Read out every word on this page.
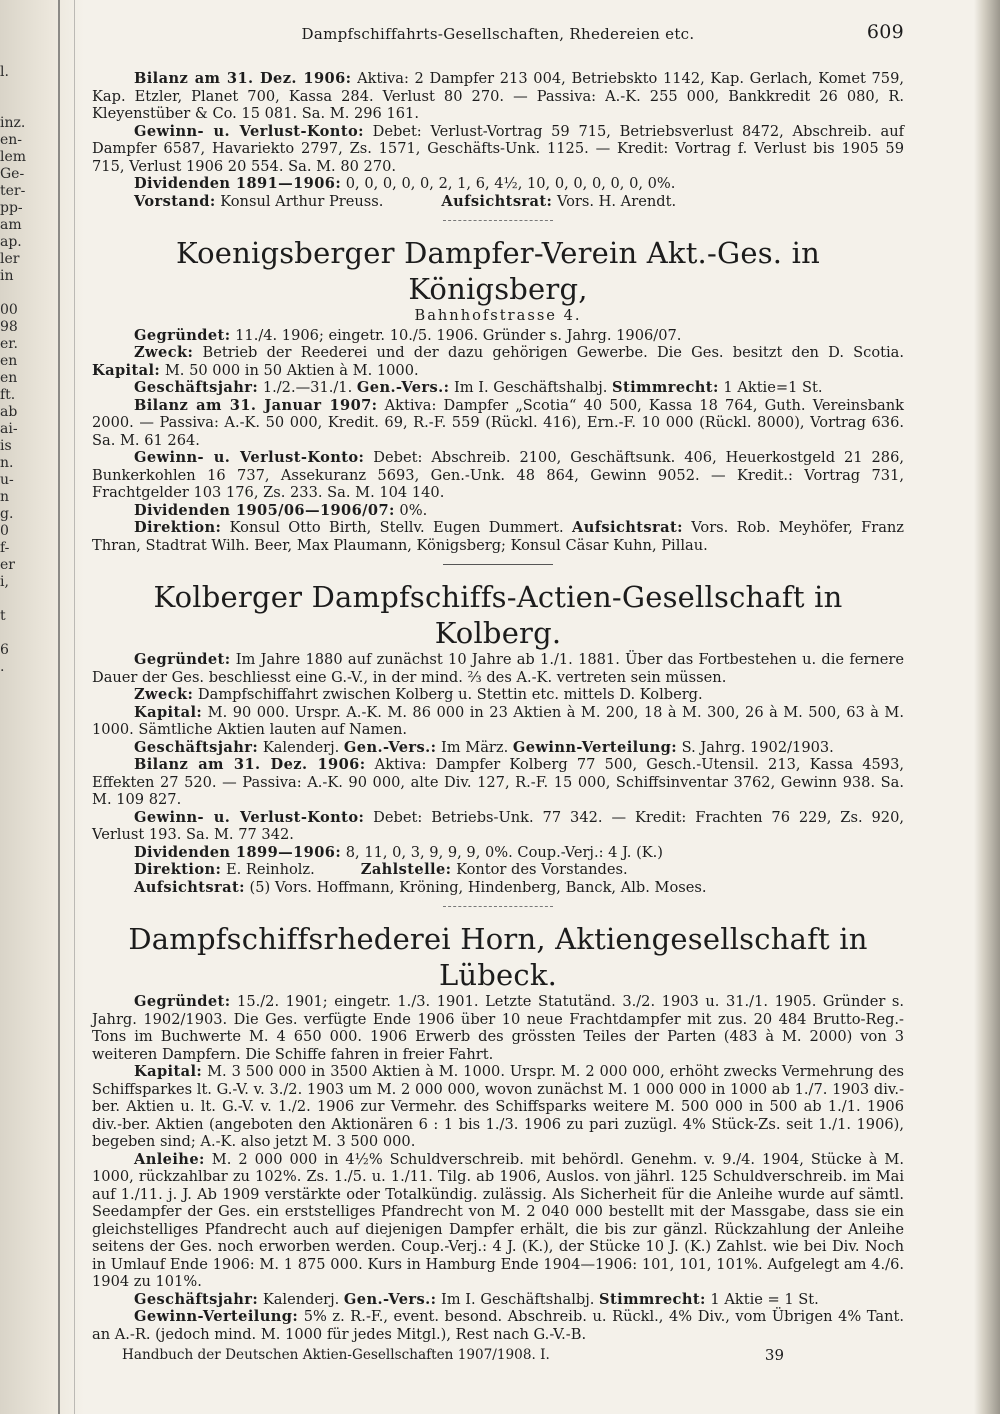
l.
inz.
en-
lem
Ge-
ter-
pp-
am
ap.
ler
in
00
98
er.
en
en
ft.
ab
ai-
is
n.
u-
n
g.
0
f-
er
i,
t
6
.
Dampfschiffahrts-Gesellschaften, Rhedereien etc.	609

Bilanz am 31. Dez. 1906: Aktiva: 2 Dampfer 213 004, Betriebskto 1142, Kap. Gerlach, Komet 759, Kap. Etzler, Planet 700, Kassa 284. Verlust 80 270. — Passiva: A.-K. 255 000, Bankkredit 26 080, R. Kleyenstüber & Co. 15 081. Sa. M. 296 161.

Gewinn- u. Verlust-Konto: Debet: Verlust-Vortrag 59 715, Betriebsverlust 8472, Abschreib. auf Dampfer 6587, Havariekto 2797, Zs. 1571, Geschäfts-Unk. 1125. — Kredit: Vortrag f. Verlust bis 1905 59 715, Verlust 1906 20 554. Sa. M. 80 270.

Dividenden 1891—1906: 0, 0, 0, 0, 0, 2, 1, 6, 4½, 10, 0, 0, 0, 0, 0, 0%.

Vorstand: Konsul Arthur Preuss.	Aufsichtsrat: Vors. H. Arendt.

Koenigsberger Dampfer-Verein Akt.-Ges. in Königsberg,

Bahnhofstrasse 4.

Gegründet: 11./4. 1906; eingetr. 10./5. 1906. Gründer s. Jahrg. 1906/07.

Zweck: Betrieb der Reederei und der dazu gehörigen Gewerbe. Die Ges. besitzt den D. Scotia. Kapital: M. 50 000 in 50 Aktien à M. 1000.

Geschäftsjahr: 1./2.—31./1. Gen.-Vers.: Im I. Geschäftshalbj. Stimmrecht: 1 Aktie=1 St.

Bilanz am 31. Januar 1907: Aktiva: Dampfer „Scotia“ 40 500, Kassa 18 764, Guth. Vereinsbank 2000. — Passiva: A.-K. 50 000, Kredit. 69, R.-F. 559 (Rückl. 416), Ern.-F. 10 000 (Rückl. 8000), Vortrag 636. Sa. M. 61 264.

Gewinn- u. Verlust-Konto: Debet: Abschreib. 2100, Geschäftsunk. 406, Heuerkostgeld 21 286, Bunkerkohlen 16 737, Assekuranz 5693, Gen.-Unk. 48 864, Gewinn 9052. — Kredit.: Vortrag 731, Frachtgelder 103 176, Zs. 233. Sa. M. 104 140.

Dividenden 1905/06—1906/07: 0%.

Direktion: Konsul Otto Birth, Stellv. Eugen Dummert. Aufsichtsrat: Vors. Rob. Meyhöfer, Franz Thran, Stadtrat Wilh. Beer, Max Plaumann, Königsberg; Konsul Cäsar Kuhn, Pillau.

Kolberger Dampfschiffs-Actien-Gesellschaft in Kolberg.

Gegründet: Im Jahre 1880 auf zunächst 10 Jahre ab 1./1. 1881. Über das Fortbestehen u. die fernere Dauer der Ges. beschliesst eine G.-V., in der mind. ⅔ des A.-K. vertreten sein müssen.

Zweck: Dampfschiffahrt zwischen Kolberg u. Stettin etc. mittels D. Kolberg.

Kapital: M. 90 000. Urspr. A.-K. M. 86 000 in 23 Aktien à M. 200, 18 à M. 300, 26 à M. 500, 63 à M. 1000. Sämtliche Aktien lauten auf Namen.

Geschäftsjahr: Kalenderj. Gen.-Vers.: Im März. Gewinn-Verteilung: S. Jahrg. 1902/1903.

Bilanz am 31. Dez. 1906: Aktiva: Dampfer Kolberg 77 500, Gesch.-Utensil. 213, Kassa 4593, Effekten 27 520. — Passiva: A.-K. 90 000, alte Div. 127, R.-F. 15 000, Schiffsinventar 3762, Gewinn 938. Sa. M. 109 827.

Gewinn- u. Verlust-Konto: Debet: Betriebs-Unk. 77 342. — Kredit: Frachten 76 229, Zs. 920, Verlust 193. Sa. M. 77 342.

Dividenden 1899—1906: 8, 11, 0, 3, 9, 9, 9, 0%. Coup.-Verj.: 4 J. (K.)

Direktion: E. Reinholz.	Zahlstelle: Kontor des Vorstandes.

Aufsichtsrat: (5) Vors. Hoffmann, Kröning, Hindenberg, Banck, Alb. Moses.

Dampfschiffsrhederei Horn, Aktiengesellschaft in Lübeck.

Gegründet: 15./2. 1901; eingetr. 1./3. 1901. Letzte Statutänd. 3./2. 1903 u. 31./1. 1905. Gründer s. Jahrg. 1902/1903. Die Ges. verfügte Ende 1906 über 10 neue Frachtdampfer mit zus. 20 484 Brutto-Reg.-Tons im Buchwerte M. 4 650 000. 1906 Erwerb des grössten Teiles der Parten (483 à M. 2000) von 3 weiteren Dampfern. Die Schiffe fahren in freier Fahrt.

Kapital: M. 3 500 000 in 3500 Aktien à M. 1000. Urspr. M. 2 000 000, erhöht zwecks Vermehrung des Schiffsparkes lt. G.-V. v. 3./2. 1903 um M. 2 000 000, wovon zunächst M. 1 000 000 in 1000 ab 1./7. 1903 div.-ber. Aktien u. lt. G.-V. v. 1./2. 1906 zur Vermehr. des Schiffsparks weitere M. 500 000 in 500 ab 1./1. 1906 div.-ber. Aktien (angeboten den Aktionären 6 : 1 bis 1./3. 1906 zu pari zuzügl. 4% Stück-Zs. seit 1./1. 1906), begeben sind; A.-K. also jetzt M. 3 500 000.

Anleihe: M. 2 000 000 in 4½% Schuldverschreib. mit behördl. Genehm. v. 9./4. 1904, Stücke à M. 1000, rückzahlbar zu 102%. Zs. 1./5. u. 1./11. Tilg. ab 1906, Auslos. von jährl. 125 Schuldverschreib. im Mai auf 1./11. j. J. Ab 1909 verstärkte oder Totalkündig. zulässig. Als Sicherheit für die Anleihe wurde auf sämtl. Seedampfer der Ges. ein erststelliges Pfandrecht von M. 2 040 000 bestellt mit der Massgabe, dass sie ein gleichstelliges Pfandrecht auch auf diejenigen Dampfer erhält, die bis zur gänzl. Rückzahlung der Anleihe seitens der Ges. noch erworben werden. Coup.-Verj.: 4 J. (K.), der Stücke 10 J. (K.) Zahlst. wie bei Div. Noch in Umlauf Ende 1906: M. 1 875 000. Kurs in Hamburg Ende 1904—1906: 101, 101, 101%. Aufgelegt am 4./6. 1904 zu 101%.

Geschäftsjahr: Kalenderj. Gen.-Vers.: Im I. Geschäftshalbj. Stimmrecht: 1 Aktie = 1 St.

Gewinn-Verteilung: 5% z. R.-F., event. besond. Abschreib. u. Rückl., 4% Div., vom Übrigen 4% Tant. an A.-R. (jedoch mind. M. 1000 für jedes Mitgl.), Rest nach G.-V.-B.

Handbuch der Deutschen Aktien-Gesellschaften 1907/1908. I.	39
